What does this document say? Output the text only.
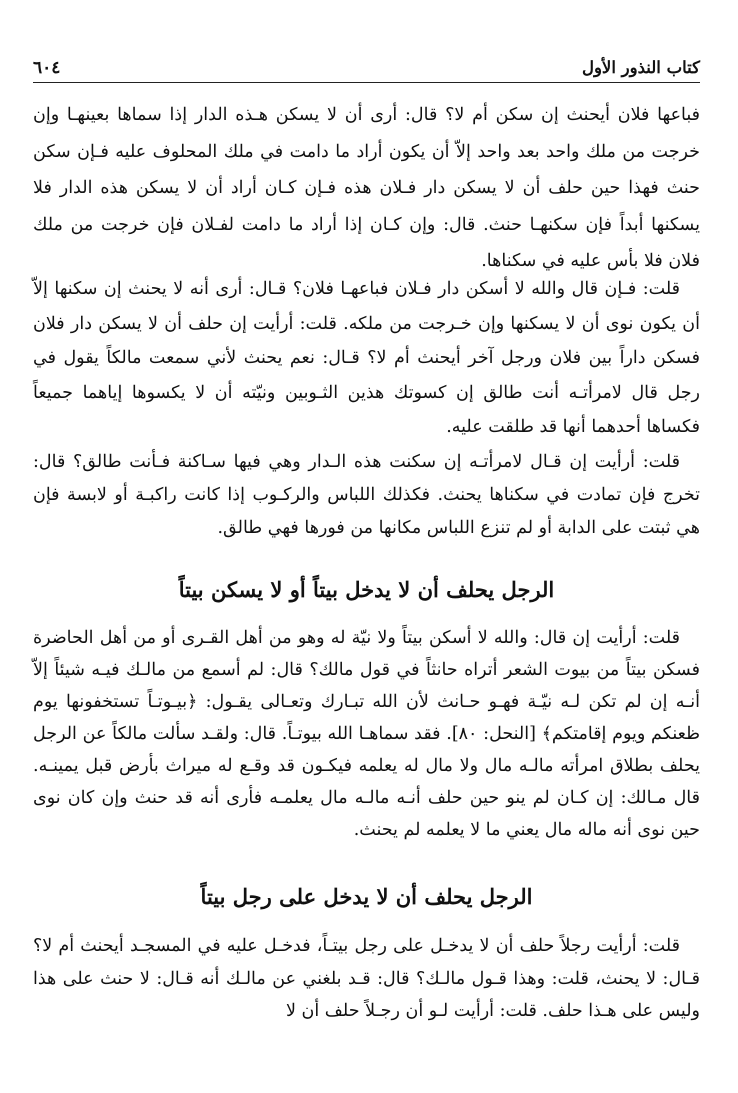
كتاب النذور الأول
٦٠٤

فباعها فلان أيحنث إن سكن أم لا؟ قال: أرى أن لا يسكن هـذه الدار إذا سماها بعينهـا وإن خرجت من ملك واحد بعد واحد إلاّ أن يكون أراد ما دامت في ملك المحلوف عليه فـإن سكن حنث فهذا حين حلف أن لا يسكن دار فـلان هذه فـإن كـان أراد أن لا يسكن هذه الدار فلا يسكنها أبداً فإن سكنهـا حنث. قال: وإن كـان إذا أراد ما دامت لفـلان فإن خرجت من ملك فلان فلا بأس عليه في سكناها.

قلت: فـإن قال والله لا أسكن دار فـلان فباعهـا فلان؟ قـال: أرى أنه لا يحنث إن سكنها إلاّ أن يكون نوى أن لا يسكنها وإن خـرجت من ملكه. قلت: أرأيت إن حلف أن لا يسكن دار فلان فسكن داراً بين فلان ورجل آخر أيحنث أم لا؟ قـال: نعم يحنث لأني سمعت مالكاً يقول في رجل قال لامرأتـه أنت طالق إن كسوتك هذين الثـوبين ونيّته أن لا يكسوها إياهما جميعاً فكساها أحدهما أنها قد طلقت عليه.

قلت: أرأيت إن قـال لامرأتـه إن سكنت هذه الـدار وهي فيها سـاكنة فـأنت طالق؟ قال: تخرج فإن تمادت في سكناها يحنث. فكذلك اللباس والركـوب إذا كانت راكبـة أو لابسة فإن هي ثبتت على الدابة أو لم تنزع اللباس مكانها من فورها فهي طالق.

الرجل يحلف أن لا يدخل بيتاً أو لا يسكن بيتاً

قلت: أرأيت إن قال: والله لا أسكن بيتاً ولا نيّة له وهو من أهل القـرى أو من أهل الحاضرة فسكن بيتاً من بيوت الشعر أتراه حانثاً في قول مالك؟ قال: لم أسمع من مالـك فيـه شيئاً إلاّ أنـه إن لم تكن لـه نيّـة فهـو حـانث لأن الله تبـارك وتعـالى يقـول: ﴿بيـوتـاً تستخفونها يوم ظعنكم ويوم إقامتكم﴾ [النحل: ٨٠]. فقد سماهـا الله بيوتـاً. قال: ولقـد سألت مالكاً عن الرجل يحلف بطلاق امرأته مالـه مال ولا مال له يعلمه فيكـون قد وقـع له ميراث بأرض قبل يمينـه. قال مـالك: إن كـان لم ينو حين حلف أنـه مالـه مال يعلمـه فأرى أنه قد حنث وإن كان نوى حين نوى أنه ماله مال يعني ما لا يعلمه لم يحنث.

الرجل يحلف أن لا يدخل على رجل بيتاً

قلت: أرأيت رجلاً حلف أن لا يدخـل على رجل بيتـاً، فدخـل عليه في المسجـد أيحنث أم لا؟ قـال: لا يحنث، قلت: وهذا قـول مالـك؟ قال: قـد بلغني عن مالـك أنه قـال: لا حنث على هذا وليس على هـذا حلف. قلت: أرأيت لـو أن رجـلاً حلف أن لا
